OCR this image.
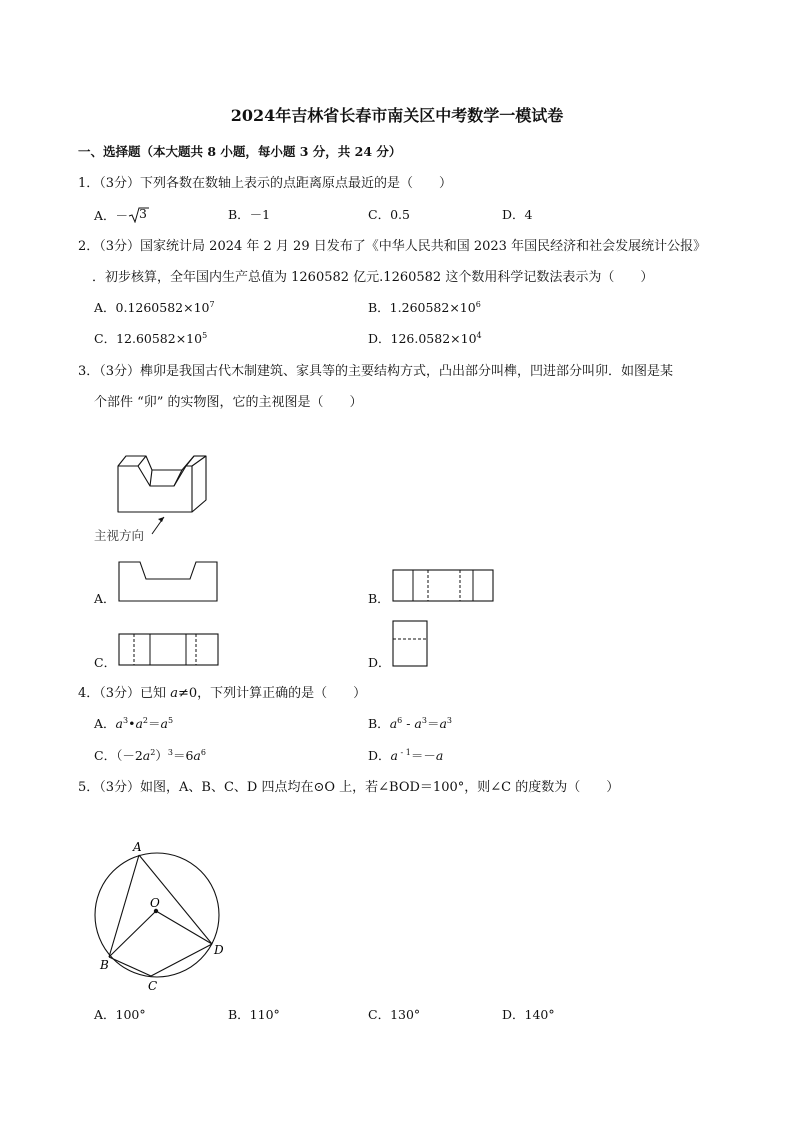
2024年吉林省长春市南关区中考数学一模试卷
一、选择题（本大题共 8 小题，每小题 3 分，共 24 分）
1．（3分）下列各数在数轴上表示的点距离原点最近的是（　　）
A．－ 3	B．－1	C．0.5	D．4
2．（3分）国家统计局 2024 年 2 月 29 日发布了《中华人民共和国 2023 年国民经济和社会发展统计公报》
．初步核算，全年国内生产总值为 1260582 亿元.1260582 这个数用科学记数法表示为（　　）
A．$0.1260582\times 10^7$	B．$1.260582\times 10^6$
C．$12.60582\times 10^5$	D．$126.0582\times 10^4$
3．（3分）榫卯是我国古代木制建筑、家具等的主要结构方式，凸出部分叫榫，凹进部分叫卯．如图是某
个部件 “卯” 的实物图，它的主视图是（　　）
主视方向
A．	B．
C．	D．
4．（3分）已知 a≠0，下列计算正确的是（　　）
A．$a^3•a^2=a^5$	B．$a^6 - a^3=a^3$
C．$(-2a^2)^3=6a^6$	D．a $^{- 1}$＝－a
5．（3分）如图，A、B、C、D 四点均在⊙O 上，若∠BOD＝100°，则∠C 的度数为（　　）
A
B
C
D
O
A．100°	B．110°	C．130°	D．140°
